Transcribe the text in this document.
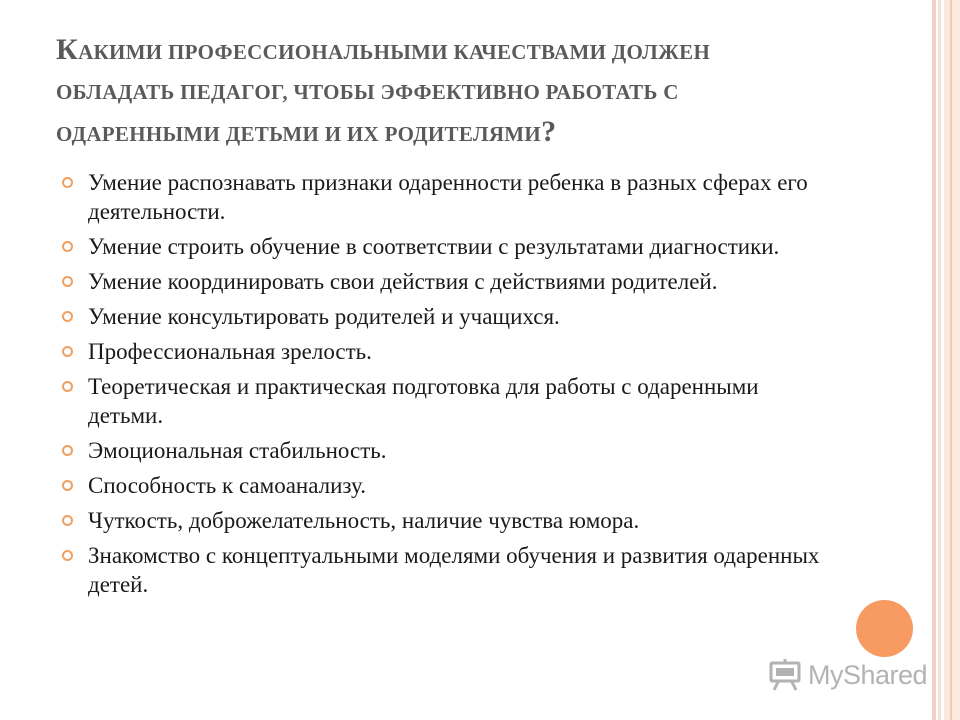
КАКИМИ ПРОФЕССИОНАЛЬНЫМИ КАЧЕСТВАМИ ДОЛЖЕН
ОБЛАДАТЬ ПЕДАГОГ, ЧТОБЫ ЭФФЕКТИВНО РАБОТАТЬ С
ОДАРЕННЫМИ ДЕТЬМИ И ИХ РОДИТЕЛЯМИ?
Умение распознавать признаки одаренности ребенка в разных сферах его деятельности.
Умение строить обучение в соответствии с результатами диагностики.
Умение координировать свои действия с действиями родителей.
Умение консультировать родителей и учащихся.
Профессиональная зрелость.
Теоретическая и практическая подготовка для работы с одаренными детьми.
Эмоциональная стабильность.
Способность к самоанализу.
Чуткость, доброжелательность, наличие чувства юмора.
Знакомство с концептуальными моделями обучения и развития одаренных детей.
MyShared
